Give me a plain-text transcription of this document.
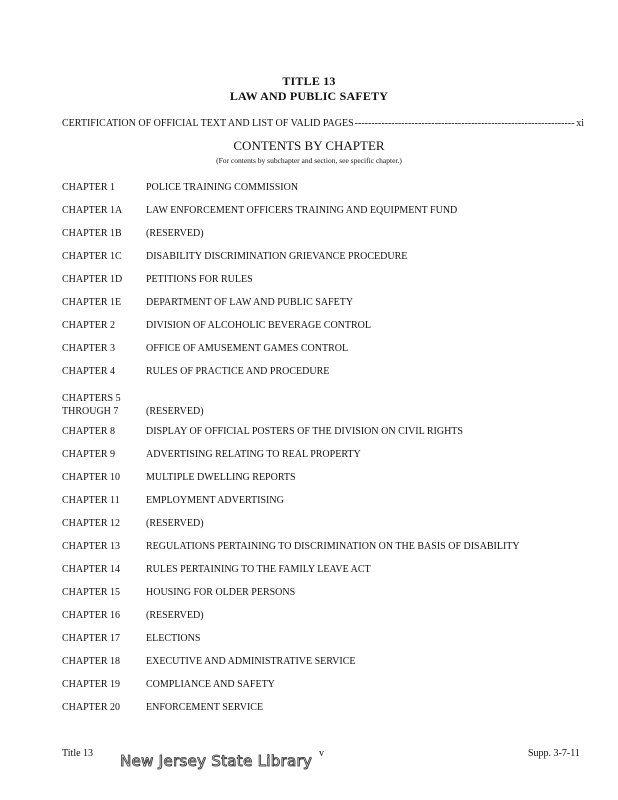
TITLE 13
LAW AND PUBLIC SAFETY
CERTIFICATION OF OFFICIAL TEXT AND LIST OF VALID PAGES
-----	xi
CONTENTS BY CHAPTER
(For contents by subchapter and section, see specific chapter.)
CHAPTER 1	POLICE TRAINING COMMISSION
CHAPTER 1A	LAW ENFORCEMENT OFFICERS TRAINING AND EQUIPMENT FUND
CHAPTER 1B	(RESERVED)
CHAPTER 1C	DISABILITY DISCRIMINATION GRIEVANCE PROCEDURE
CHAPTER 1D	PETITIONS FOR RULES
CHAPTER 1E	DEPARTMENT OF LAW AND PUBLIC SAFETY
CHAPTER 2	DIVISION OF ALCOHOLIC BEVERAGE CONTROL
CHAPTER 3	OFFICE OF AMUSEMENT GAMES CONTROL
CHAPTER 4	RULES OF PRACTICE AND PROCEDURE
CHAPTERS 5
THROUGH 7	(RESERVED)
CHAPTER 8	DISPLAY OF OFFICIAL POSTERS OF THE DIVISION ON CIVIL RIGHTS
CHAPTER 9	ADVERTISING RELATING TO REAL PROPERTY
CHAPTER 10	MULTIPLE DWELLING REPORTS
CHAPTER 11	EMPLOYMENT ADVERTISING
CHAPTER 12	(RESERVED)
CHAPTER 13	REGULATIONS PERTAINING TO DISCRIMINATION ON THE BASIS OF DISABILITY
CHAPTER 14	RULES PERTAINING TO THE FAMILY LEAVE ACT
CHAPTER 15	HOUSING FOR OLDER PERSONS
CHAPTER 16	(RESERVED)
CHAPTER 17	ELECTIONS
CHAPTER 18	EXECUTIVE AND ADMINISTRATIVE SERVICE
CHAPTER 19	COMPLIANCE AND SAFETY
CHAPTER 20	ENFORCEMENT SERVICE
Title 13 New Jersey State Library v	Supp. 3-7-11
